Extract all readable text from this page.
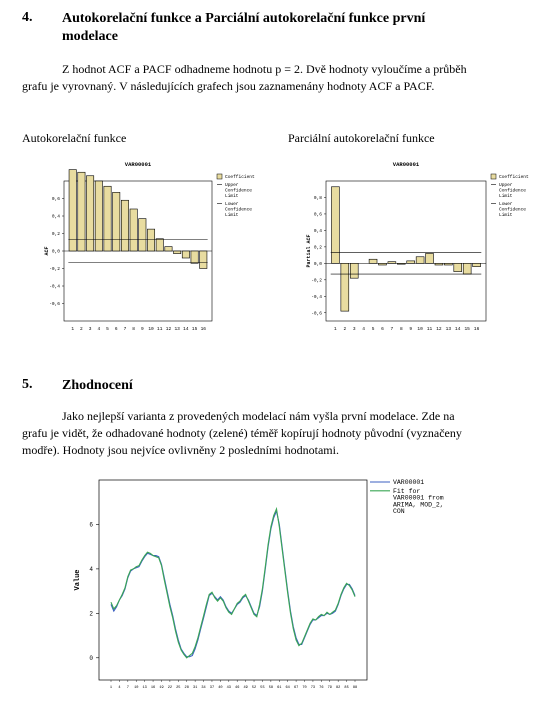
4. Autokorelační funkce a Parciální autokorelační funkce první
modelace
Z hodnot ACF a PACF odhadneme hodnotu p = 2. Dvě hodnoty vyloučíme a průběh
grafu je vyrovnaný. V následujících grafech jsou zaznamenány hodnoty ACF a PACF.
Autokorelační funkce	Parciální autokorelační funkce
VAR00001
0,6
0,4
0,2
0,0
-0,2
-0,4
-0,6
ACF
1 2 3 4 5 6 7 8 9 10 11 12 13 14 15 16
Coefficient
Upper
Confidence
Limit
Lower
Confidence
Limit
VAR00001
0,8
0,6
0,4
0,2
0,0
-0,2
-0,4
-0,6
Partial ACF
1 2 3 4 5 6 7 8 9 10 11 12 13 14 15 16
Coefficient
Upper
Confidence
Limit
Lower
Confidence
Limit
5. Zhodnocení
Jako nejlepší varianta z provedených modelací nám vyšla první modelace. Zde na
grafu je vidět, že odhadované hodnoty (zelené) téměř kopírují hodnoty původní (vyznačeny
modře). Hodnoty jsou nejvíce ovlivněny 2 posledními hodnotami.
6
4
2
0
Value
1 4 7 10 13 16 19 22 25 28 31 34 37 40 43 46 49 52 55 58 61 64 67 70 73 76 79 82 85 88
VAR00001
Fit for
VAR00001 from
ARIMA, MOD_2,
CON
